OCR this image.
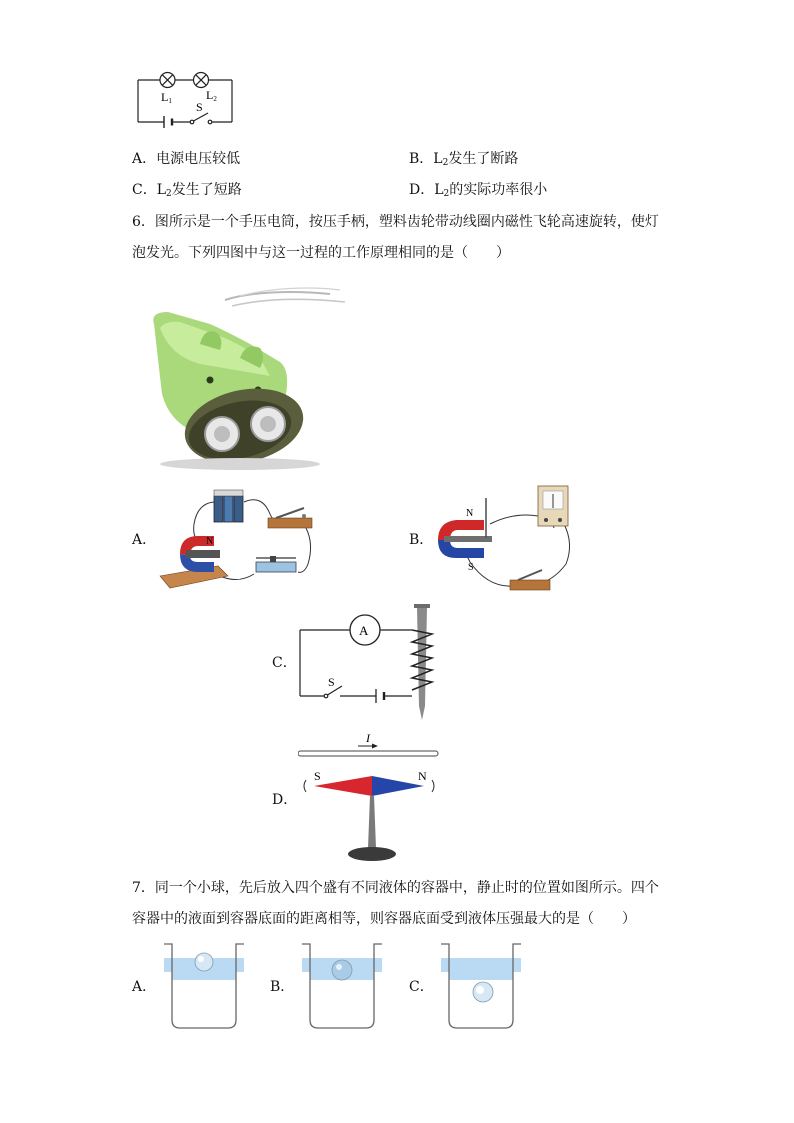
L1	L2
S
A．电源电压较低	B．$L_2$发生了断路
C．$L_2$发生了短路	D．$L_2$的实际功率很小
6．图所示是一个手压电筒，按压手柄，塑料齿轮带动线圈内磁性飞轮高速旋转，使灯
泡发光。下列四图中与这一过程的工作原理相同的是（　　）
A．	N	B．
N
S
C．
A
S
D．
I
S	N
7．同一个小球，先后放入四个盛有不同液体的容器中，静止时的位置如图所示。四个
容器中的液面到容器底面的距离相等，则容器底面受到液体压强最大的是（　　）
A．	B．	C．
